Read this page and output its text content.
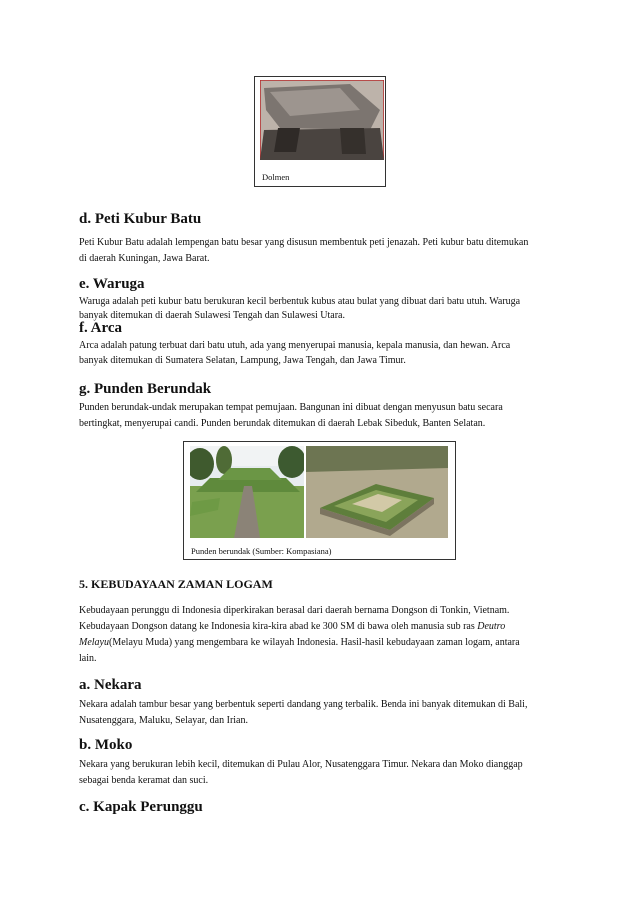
Dolmen
d. Peti Kubur Batu

Peti Kubur Batu adalah lempengan batu besar yang disusun membentuk peti jenazah. Peti kubur batu ditemukan

di daerah Kuningan, Jawa Barat.

e. Waruga

Waruga adalah peti kubur batu berukuran kecil berbentuk kubus atau bulat yang dibuat dari batu utuh. Waruga

banyak ditemukan di daerah Sulawesi Tengah dan Sulawesi Utara.

f. Arca

Arca adalah patung terbuat dari batu utuh, ada yang menyerupai manusia, kepala manusia, dan hewan. Arca

banyak ditemukan di Sumatera Selatan, Lampung, Jawa Tengah, dan Jawa Timur.

g. Punden Berundak

Punden berundak-undak merupakan tempat pemujaan. Bangunan ini dibuat dengan menyusun batu secara

bertingkat, menyerupai candi. Punden berundak ditemukan di daerah Lebak Sibeduk, Banten Selatan.

Punden berundak (Sumber: Kompasiana)
5. KEBUDAYAAN ZAMAN LOGAM

Kebudayaan perunggu di Indonesia diperkirakan berasal dari daerah bernama Dongson di Tonkin, Vietnam.

Kebudayaan Dongson datang ke Indonesia kira-kira abad ke 300 SM di bawa oleh manusia sub ras Deutro

Melayu(Melayu Muda) yang mengembara ke wilayah Indonesia. Hasil-hasil kebudayaan zaman logam, antara

lain.

a. Nekara

Nekara adalah tambur besar yang berbentuk seperti dandang yang terbalik. Benda ini banyak ditemukan di Bali,

Nusatenggara, Maluku, Selayar, dan Irian.

b. Moko

Nekara yang berukuran lebih kecil, ditemukan di Pulau Alor, Nusatenggara Timur. Nekara dan Moko dianggap

sebagai benda keramat dan suci.

c. Kapak Perunggu
